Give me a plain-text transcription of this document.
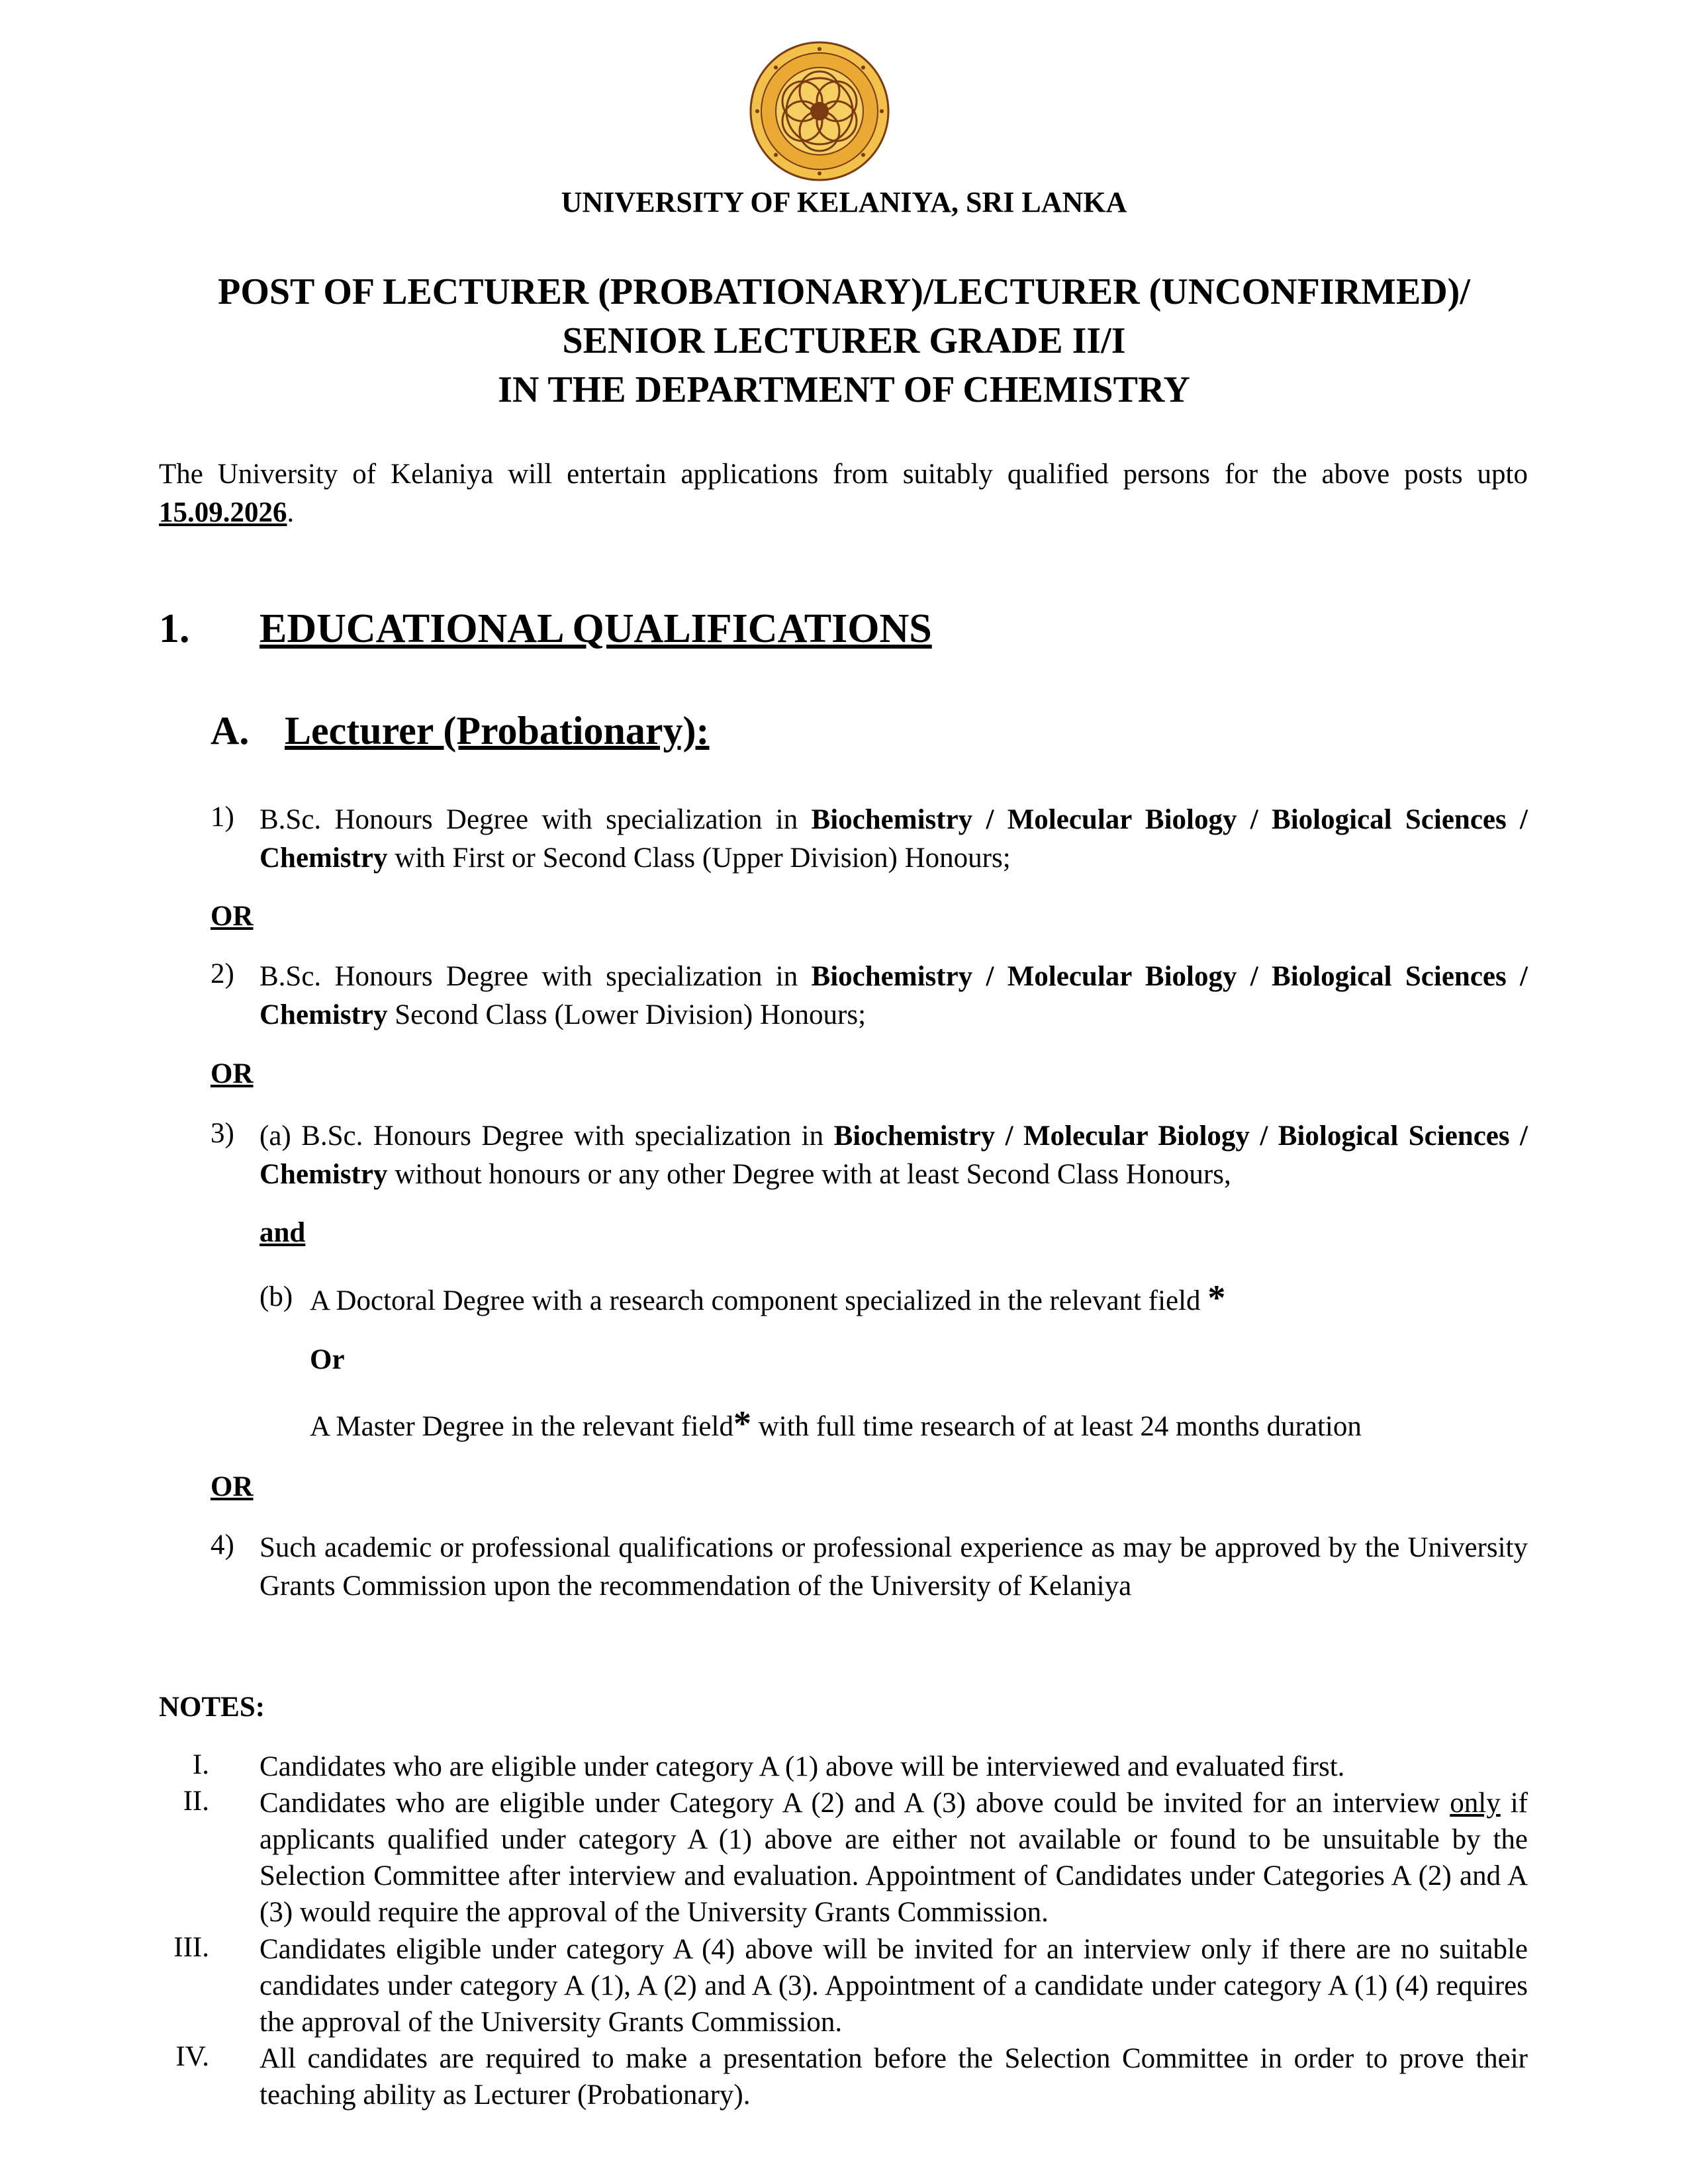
UNIVERSITY OF KELANIYA, SRI LANKA
POST OF LECTURER (PROBATIONARY)/LECTURER (UNCONFIRMED)/
SENIOR LECTURER GRADE II/I
IN THE DEPARTMENT OF CHEMISTRY
The University of Kelaniya will entertain applications from suitably qualified persons for the above posts upto 15.09.2026.
1. EDUCATIONAL QUALIFICATIONS
A. Lecturer (Probationary):
1) B.Sc. Honours Degree with specialization in Biochemistry / Molecular Biology / Biological Sciences / Chemistry with First or Second Class (Upper Division) Honours;
OR
2) B.Sc. Honours Degree with specialization in Biochemistry / Molecular Biology / Biological Sciences / Chemistry Second Class (Lower Division) Honours;
OR
3) (a) B.Sc. Honours Degree with specialization in Biochemistry / Molecular Biology / Biological Sciences / Chemistry without honours or any other Degree with at least Second Class Honours,
and
(b) A Doctoral Degree with a research component specialized in the relevant field *
Or
A Master Degree in the relevant field* with full time research of at least 24 months duration
OR
4) Such academic or professional qualifications or professional experience as may be approved by the University Grants Commission upon the recommendation of the University of Kelaniya
NOTES:
I. Candidates who are eligible under category A (1) above will be interviewed and evaluated first.
II. Candidates who are eligible under Category A (2) and A (3) above could be invited for an interview only if applicants qualified under category A (1) above are either not available or found to be unsuitable by the Selection Committee after interview and evaluation. Appointment of Candidates under Categories A (2) and A (3) would require the approval of the University Grants Commission.
III. Candidates eligible under category A (4) above will be invited for an interview only if there are no suitable candidates under category A (1), A (2) and A (3). Appointment of a candidate under category A (1) (4) requires the approval of the University Grants Commission.
IV. All candidates are required to make a presentation before the Selection Committee in order to prove their teaching ability as Lecturer (Probationary).
